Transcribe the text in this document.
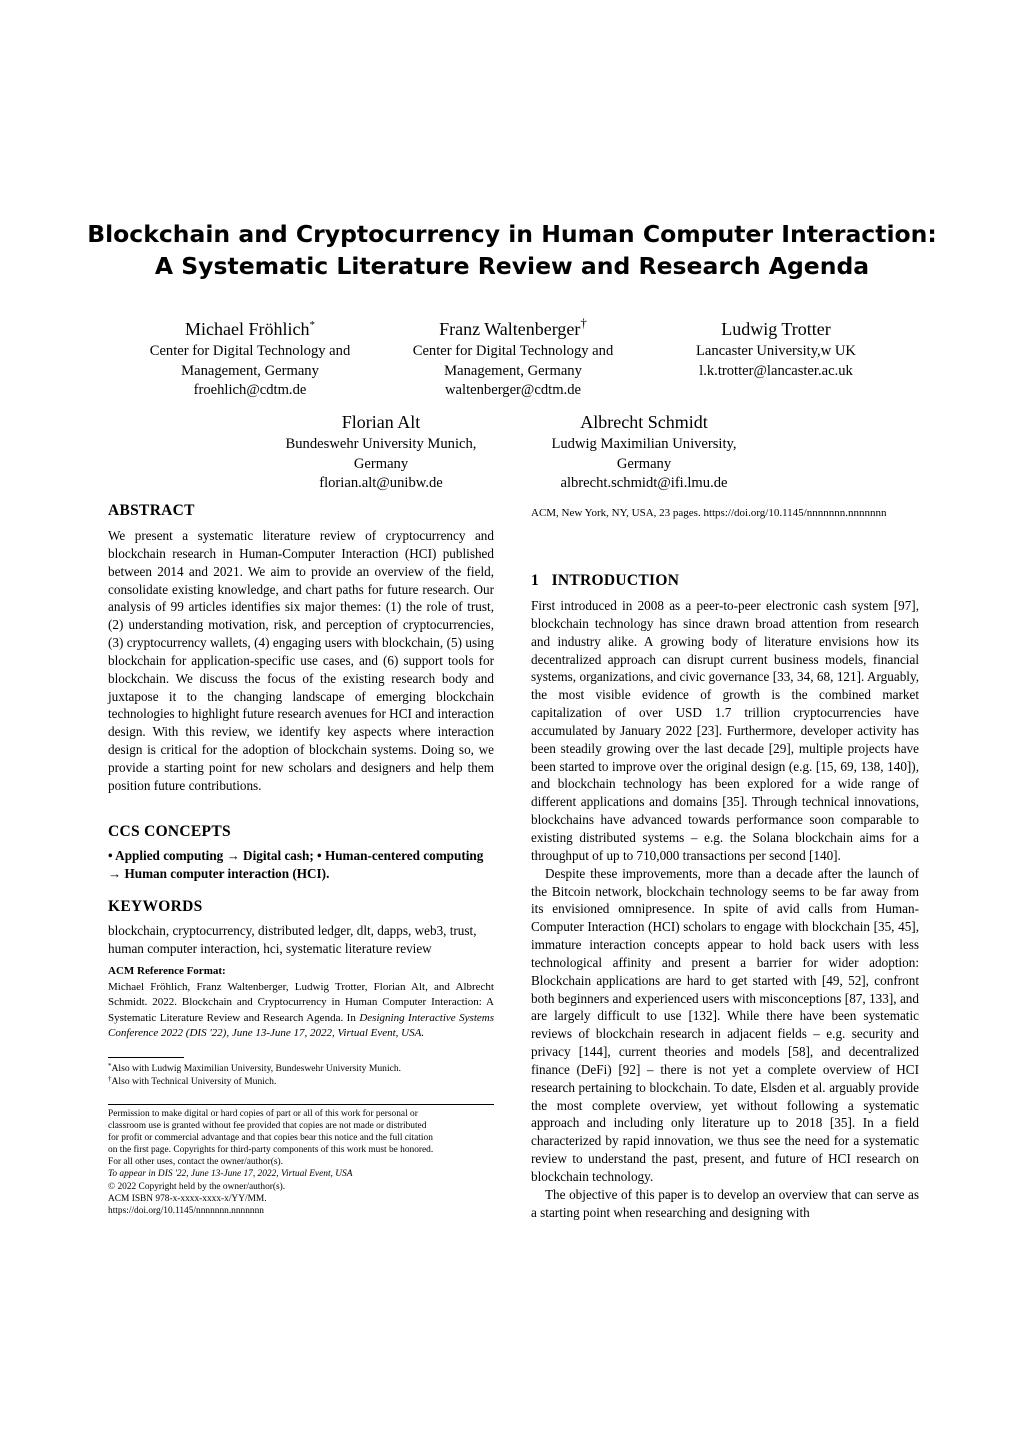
Blockchain and Cryptocurrency in Human Computer Interaction:
A Systematic Literature Review and Research Agenda
Michael Fröhlich*
Center for Digital Technology and
Management, Germany
froehlich@cdtm.de
Franz Waltenberger†
Center for Digital Technology and
Management, Germany
waltenberger@cdtm.de
Ludwig Trotter
Lancaster University,w UK
l.k.trotter@lancaster.ac.uk
Florian Alt
Bundeswehr University Munich,
Germany
florian.alt@unibw.de
Albrecht Schmidt
Ludwig Maximilian University,
Germany
albrecht.schmidt@ifi.lmu.de
ABSTRACT

We present a systematic literature review of cryptocurrency and blockchain research in Human-Computer Interaction (HCI) published between 2014 and 2021. We aim to provide an overview of the field, consolidate existing knowledge, and chart paths for future research. Our analysis of 99 articles identifies six major themes: (1) the role of trust, (2) understanding motivation, risk, and perception of cryptocurrencies, (3) cryptocurrency wallets, (4) engaging users with blockchain, (5) using blockchain for application-specific use cases, and (6) support tools for blockchain. We discuss the focus of the existing research body and juxtapose it to the changing landscape of emerging blockchain technologies to highlight future research avenues for HCI and interaction design. With this review, we identify key aspects where interaction design is critical for the adoption of blockchain systems. Doing so, we provide a starting point for new scholars and designers and help them position future contributions.

CCS CONCEPTS
• Applied computing → Digital cash; • Human-centered computing → Human computer interaction (HCI).
KEYWORDS
blockchain, cryptocurrency, distributed ledger, dlt, dapps, web3, trust, human computer interaction, hci, systematic literature review
ACM Reference Format:
Michael Fröhlich, Franz Waltenberger, Ludwig Trotter, Florian Alt, and Albrecht Schmidt. 2022. Blockchain and Cryptocurrency in Human Computer Interaction: A Systematic Literature Review and Research Agenda. In Designing Interactive Systems Conference 2022 (DIS '22), June 13-June 17, 2022, Virtual Event, USA.
*Also with Ludwig Maximilian University, Bundeswehr University Munich.
†Also with Technical University of Munich.
Permission to make digital or hard copies of part or all of this work for personal or
classroom use is granted without fee provided that copies are not made or distributed
for profit or commercial advantage and that copies bear this notice and the full citation
on the first page. Copyrights for third-party components of this work must be honored.
For all other uses, contact the owner/author(s).
To appear in DIS '22, June 13-June 17, 2022, Virtual Event, USA
© 2022 Copyright held by the owner/author(s).
ACM ISBN 978-x-xxxx-xxxx-x/YY/MM.
https://doi.org/10.1145/nnnnnnn.nnnnnnn
ACM, New York, NY, USA, 23 pages. https://doi.org/10.1145/nnnnnnn.nnnnnnn
1   INTRODUCTION

First introduced in 2008 as a peer-to-peer electronic cash system [97], blockchain technology has since drawn broad attention from research and industry alike. A growing body of literature envisions how its decentralized approach can disrupt current business models, financial systems, organizations, and civic governance [33, 34, 68, 121]. Arguably, the most visible evidence of growth is the combined market capitalization of over USD 1.7 trillion cryptocurrencies have accumulated by January 2022 [23]. Furthermore, developer activity has been steadily growing over the last decade [29], multiple projects have been started to improve over the original design (e.g. [15, 69, 138, 140]), and blockchain technology has been explored for a wide range of different applications and domains [35]. Through technical innovations, blockchains have advanced towards performance soon comparable to existing distributed systems – e.g. the Solana blockchain aims for a throughput of up to 710,000 transactions per second [140].

Despite these improvements, more than a decade after the launch of the Bitcoin network, blockchain technology seems to be far away from its envisioned omnipresence. In spite of avid calls from Human-Computer Interaction (HCI) scholars to engage with blockchain [35, 45], immature interaction concepts appear to hold back users with less technological affinity and present a barrier for wider adoption: Blockchain applications are hard to get started with [49, 52], confront both beginners and experienced users with misconceptions [87, 133], and are largely difficult to use [132]. While there have been systematic reviews of blockchain research in adjacent fields – e.g. security and privacy [144], current theories and models [58], and decentralized finance (DeFi) [92] – there is not yet a complete overview of HCI research pertaining to blockchain. To date, Elsden et al. arguably provide the most complete overview, yet without following a systematic approach and including only literature up to 2018 [35]. In a field characterized by rapid innovation, we thus see the need for a systematic review to understand the past, present, and future of HCI research on blockchain technology.

The objective of this paper is to develop an overview that can serve as a starting point when researching and designing with
